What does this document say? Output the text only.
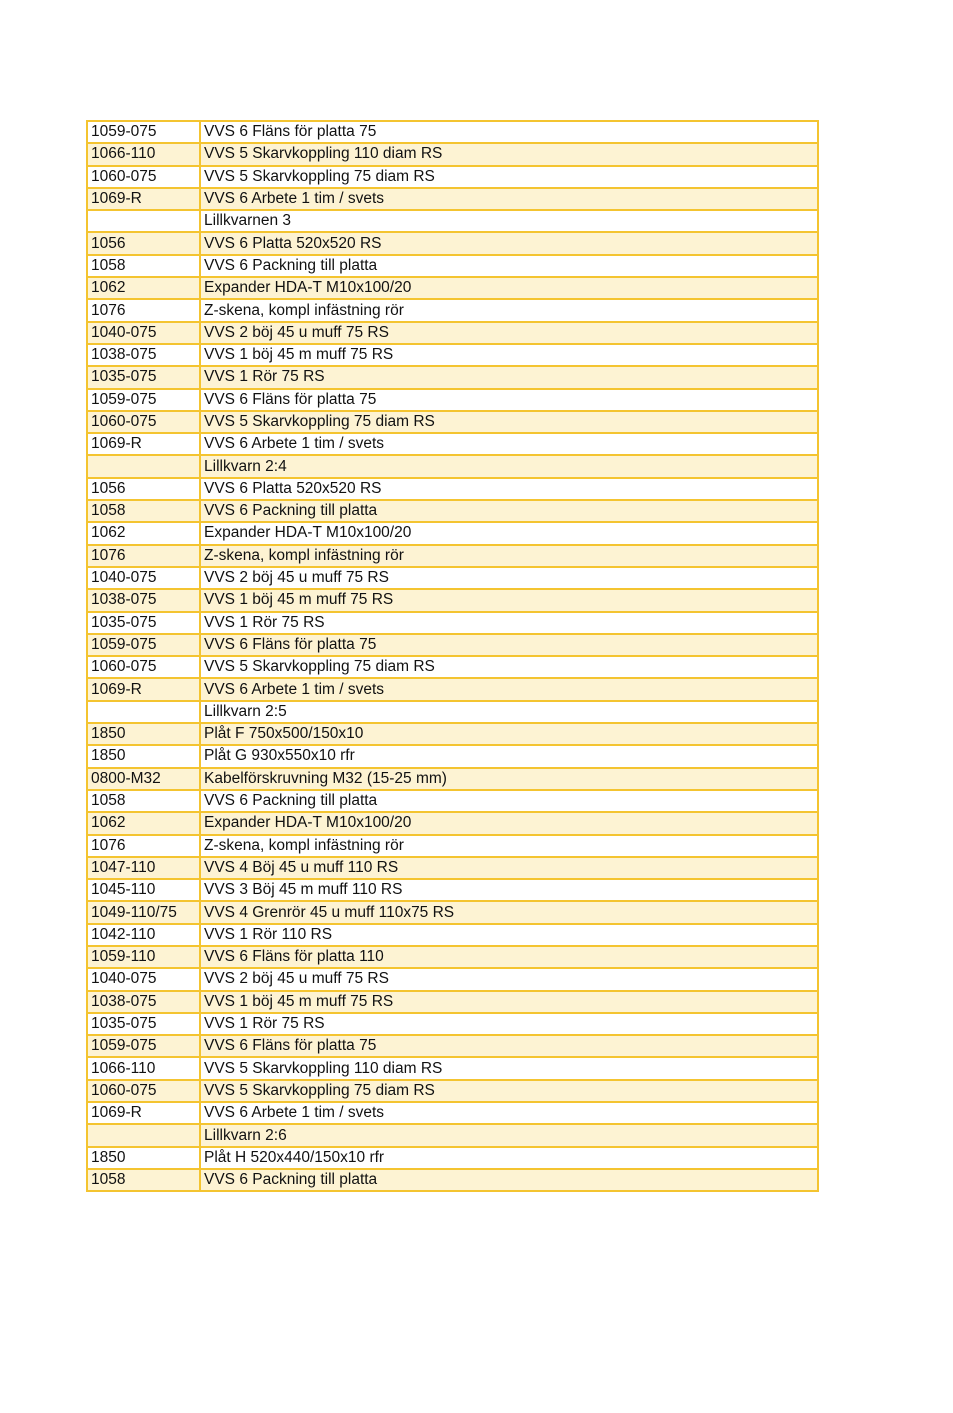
1059-075	VVS 6 Fläns för platta 75
1066-110	VVS 5 Skarvkoppling 110 diam RS
1060-075	VVS 5 Skarvkoppling 75 diam RS
1069-R	VVS 6 Arbete 1 tim / svets
	Lillkvarnen 3
1056	VVS 6 Platta 520x520 RS
1058	VVS 6 Packning till platta
1062	Expander HDA-T M10x100/20
1076	Z-skena, kompl infästning rör
1040-075	VVS 2 böj 45 u muff 75 RS
1038-075	VVS 1 böj 45 m muff 75 RS
1035-075	VVS 1 Rör 75 RS
1059-075	VVS 6 Fläns för platta 75
1060-075	VVS 5 Skarvkoppling 75 diam RS
1069-R	VVS 6 Arbete 1 tim / svets
	Lillkvarn 2:4
1056	VVS 6 Platta 520x520 RS
1058	VVS 6 Packning till platta
1062	Expander HDA-T M10x100/20
1076	Z-skena, kompl infästning rör
1040-075	VVS 2 böj 45 u muff 75 RS
1038-075	VVS 1 böj 45 m muff 75 RS
1035-075	VVS 1 Rör 75 RS
1059-075	VVS 6 Fläns för platta 75
1060-075	VVS 5 Skarvkoppling 75 diam RS
1069-R	VVS 6 Arbete 1 tim / svets
	Lillkvarn 2:5
1850	Plåt F 750x500/150x10
1850	Plåt G 930x550x10 rfr
0800-M32	Kabelförskruvning M32 (15-25 mm)
1058	VVS 6 Packning till platta
1062	Expander HDA-T M10x100/20
1076	Z-skena, kompl infästning rör
1047-110	VVS 4 Böj 45 u muff 110 RS
1045-110	VVS 3 Böj 45 m muff 110 RS
1049-110/75	VVS 4 Grenrör 45 u muff 110x75 RS
1042-110	VVS 1 Rör 110 RS
1059-110	VVS 6 Fläns för platta 110
1040-075	VVS 2 böj 45 u muff 75 RS
1038-075	VVS 1 böj 45 m muff 75 RS
1035-075	VVS 1 Rör 75 RS
1059-075	VVS 6 Fläns för platta 75
1066-110	VVS 5 Skarvkoppling 110 diam RS
1060-075	VVS 5 Skarvkoppling 75 diam RS
1069-R	VVS 6 Arbete 1 tim / svets
	Lillkvarn 2:6
1850	Plåt H 520x440/150x10 rfr
1058	VVS 6 Packning till platta
